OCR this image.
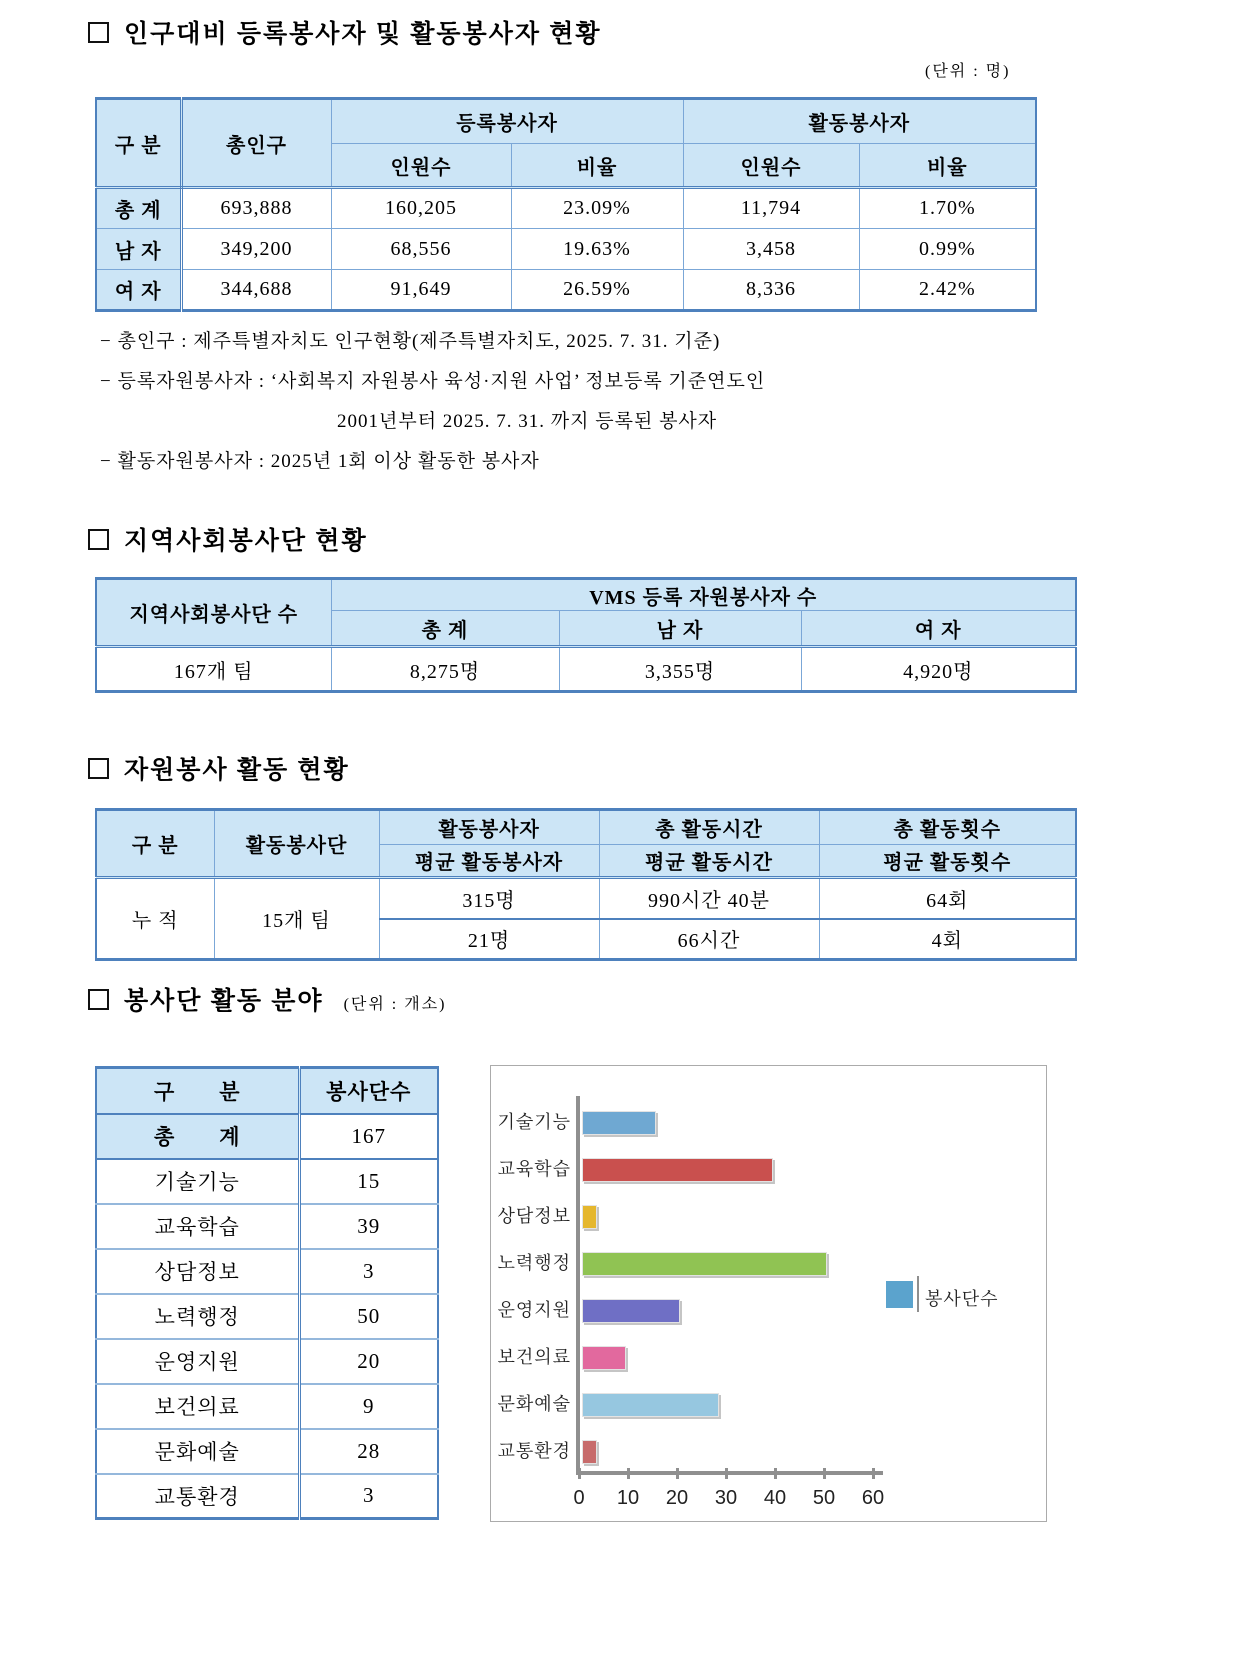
인구대비 등록봉사자 및 활동봉사자 현황
(단위 : 명)
구 분	총인구	등록봉사자		활동봉사자	
		인원수	비율	인원수	비율
총 계	693,888	160,205	23.09%	11,794	1.70%
남 자	349,200	68,556	19.63%	3,458	0.99%
여 자	344,688	91,649	26.59%	8,336	2.42%
− 총인구 : 제주특별자치도 인구현황(제주특별자치도, 2025. 7. 31. 기준)
− 등록자원봉사자 : ‘사회복지 자원봉사 육성·지원 사업’ 정보등록 기준연도인
2001년부터 2025. 7. 31. 까지 등록된 봉사자
− 활동자원봉사자 : 2025년 1회 이상 활동한 봉사자
지역사회봉사단 현황
지역사회봉사단 수	VMS 등록 자원봉사자 수		
	총 계	남 자	여 자
167개 팀	8,275명	3,355명	4,920명
자원봉사 활동 현황
구 분	활동봉사단	활동봉사자	총 활동시간	총 활동횟수
		평균 활동봉사자	평균 활동시간	평균 활동횟수
누 적	15개 팀	315명	990시간 40분	64회
		21명	66시간	4회
봉사단 활동 분야 (단위 : 개소)
구　　분	봉사단수
총　　계	167
기술기능	15
교육학습	39
상담정보	3
노력행정	50
운영지원	20
보건의료	9
문화예술	28
교통환경	3
봉사단수
기술기능
교육학습
상담정보
노력행정
운영지원
보건의료
문화예술
교통환경
0	10	20	30	40	50	60
